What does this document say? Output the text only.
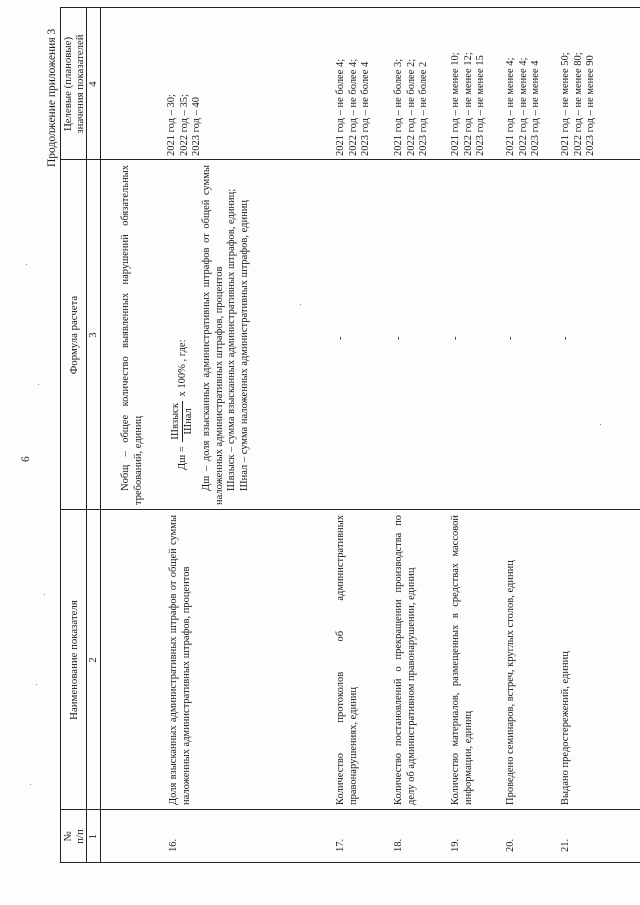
6
Продолжение приложения 3
№ п/п
Наименование показателя
Формула расчета
Целевые (плановые) значения показателей
1
2
3
4
Nобщ – общее количество выявленных нарушений обязательных требований, единиц
2021 год – 30; 2022 год – 35; 2023 год – 40
16.
Доля взысканных административных штрафов от общей суммы наложенных административных штрафов, процентов
Дш =
Швзыск Шнал
х 100% , где:	Дш – доля взысканных административных штрафов от общей суммы наложенных административных штрафов, процентов Швзыск – сумма взысканных административных штрафов, единиц; Шнал – сумма наложенных административных штрафов, единиц

17.
Количество протоколов об административных правонарушениях, единиц
-
2021 год – не более 4; 2022 год – не более 4; 2023 год – не более 4
18.
Количество постановлений о прекращении производства по делу об административном правонарушении, единиц
-
2021 год – не более 3; 2022 год – не более 2; 2023 год – не более 2
19.
Количество материалов, размещенных в средствах массовой информации, единиц
-
2021 год – не менее 10; 2022 год – не менее 12; 2023 год – не менее 15
20.
Проведено семинаров, встреч, круглых столов, единиц
-
2021 год – не менее 4; 2022 год – не менее 4; 2023 год – не менее 4
21.
Выдано предостережений, единиц
-
2021 год – не менее 50; 2022 год – не менее 80; 2023 год – не менее 90
